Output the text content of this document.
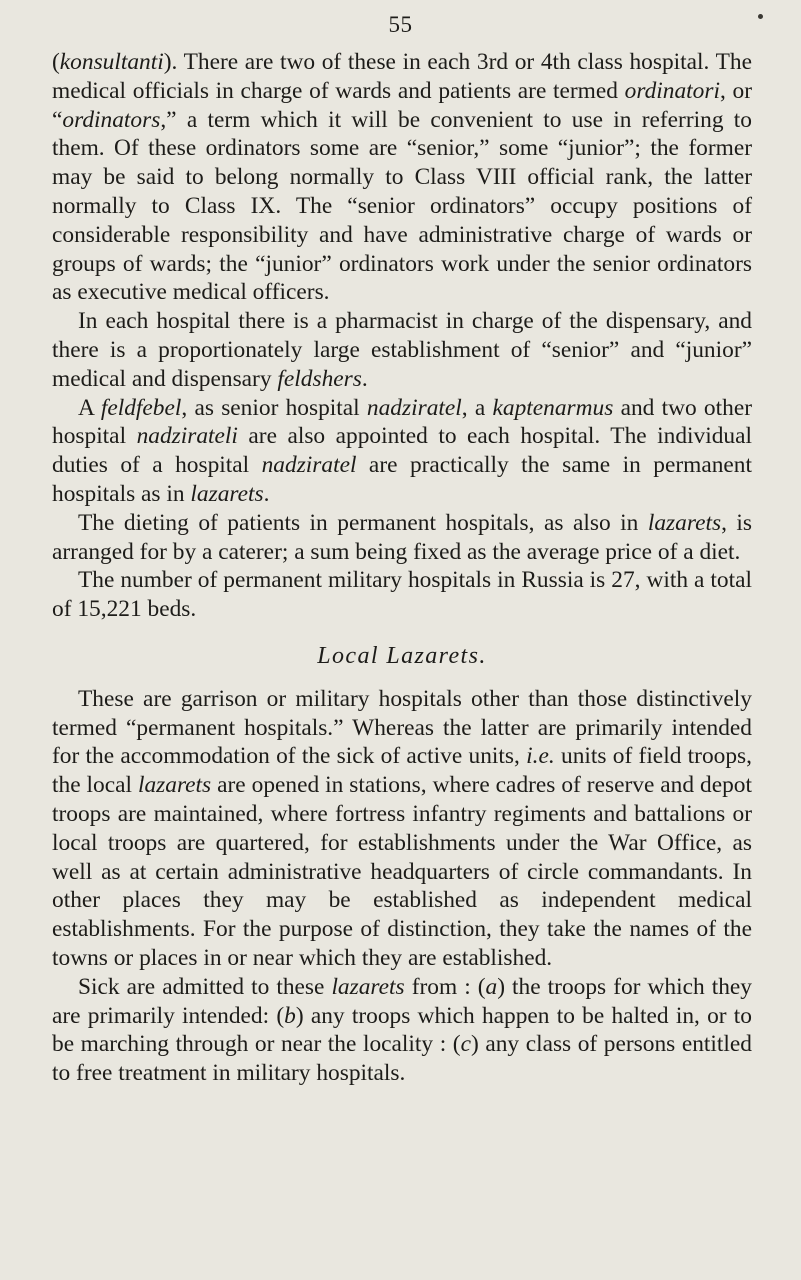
55

(konsultanti). There are two of these in each 3rd or 4th class hospital. The medical officials in charge of wards and patients are termed ordinatori, or “ordinators,” a term which it will be convenient to use in referring to them. Of these ordinators some are “senior,” some “junior”; the former may be said to belong normally to Class VIII official rank, the latter normally to Class IX. The “senior ordinators” occupy positions of considerable responsibility and have administrative charge of wards or groups of wards; the “junior” ordinators work under the senior ordinators as executive medical officers.

In each hospital there is a pharmacist in charge of the dispensary, and there is a proportionately large establishment of “senior” and “junior” medical and dispensary feldshers.

A feldfebel, as senior hospital nadziratel, a kaptenarmus and two other hospital nadzirateli are also appointed to each hospital. The individual duties of a hospital nadziratel are practically the same in permanent hospitals as in lazarets.

The dieting of patients in permanent hospitals, as also in lazarets, is arranged for by a caterer; a sum being fixed as the average price of a diet.

The number of permanent military hospitals in Russia is 27, with a total of 15,221 beds.

Local Lazarets.

These are garrison or military hospitals other than those distinctively termed “permanent hospitals.” Whereas the latter are primarily intended for the accommodation of the sick of active units, i.e. units of field troops, the local lazarets are opened in stations, where cadres of reserve and depot troops are maintained, where fortress infantry regiments and battalions or local troops are quartered, for establishments under the War Office, as well as at certain administrative headquarters of circle commandants. In other places they may be established as independent medical establishments. For the purpose of distinction, they take the names of the towns or places in or near which they are established.

Sick are admitted to these lazarets from : (a) the troops for which they are primarily intended: (b) any troops which happen to be halted in, or to be marching through or near the locality : (c) any class of persons entitled to free treatment in military hospitals.
